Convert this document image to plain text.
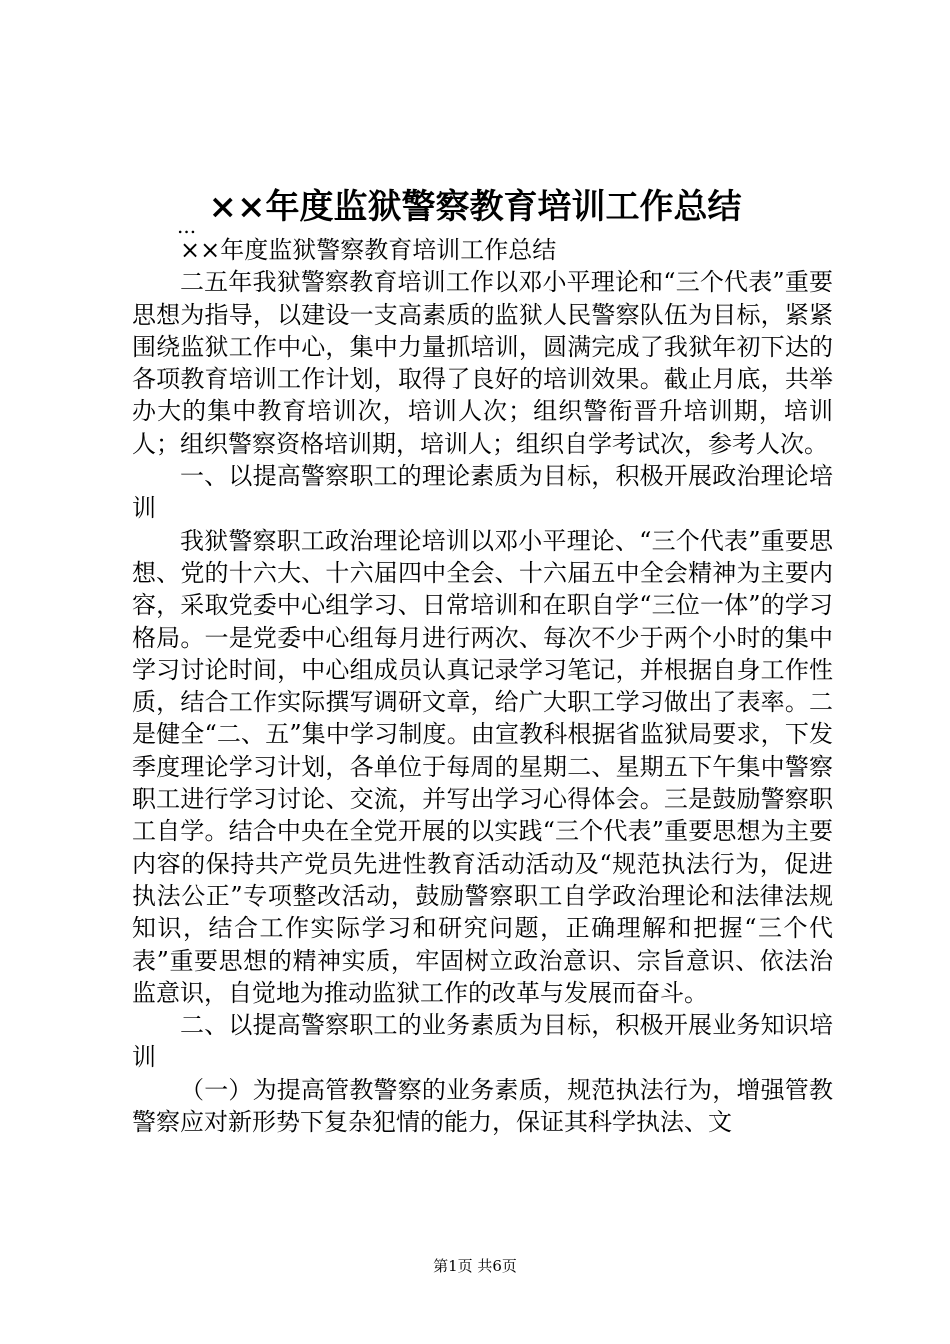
××年度监狱警察教育培训工作总结
...

××年度监狱警察教育培训工作总结

二五年我狱警察教育培训工作以邓小平理论和“三个代表”重要思想为指导，以建设一支高素质的监狱人民警察队伍为目标，紧紧围绕监狱工作中心，集中力量抓培训，圆满完成了我狱年初下达的各项教育培训工作计划，取得了良好的培训效果。截止月底，共举办大的集中教育培训次，培训人次；组织警衔晋升培训期，培训人；组织警察资格培训期，培训人；组织自学考试次，参考人次。

一、以提高警察职工的理论素质为目标，积极开展政治理论培训

我狱警察职工政治理论培训以邓小平理论、“三个代表”重要思想、党的十六大、十六届四中全会、十六届五中全会精神为主要内容，采取党委中心组学习、日常培训和在职自学“三位一体”的学习格局。一是党委中心组每月进行两次、每次不少于两个小时的集中学习讨论时间，中心组成员认真记录学习笔记，并根据自身工作性质，结合工作实际撰写调研文章，给广大职工学习做出了表率。二是健全“二、五”集中学习制度。由宣教科根据省监狱局要求，下发季度理论学习计划，各单位于每周的星期二、星期五下午集中警察职工进行学习讨论、交流，并写出学习心得体会。三是鼓励警察职工自学。结合中央在全党开展的以实践“三个代表”重要思想为主要内容的保持共产党员先进性教育活动活动及“规范执法行为，促进执法公正”专项整改活动，鼓励警察职工自学政治理论和法律法规知识，结合工作实际学习和研究问题，正确理解和把握“三个代表”重要思想的精神实质，牢固树立政治意识、宗旨意识、依法治监意识，自觉地为推动监狱工作的改革与发展而奋斗。

二、以提高警察职工的业务素质为目标，积极开展业务知识培训

（一）为提高管教警察的业务素质，规范执法行为，增强管教警察应对新形势下复杂犯情的能力，保证其科学执法、文

第1页 共6页
